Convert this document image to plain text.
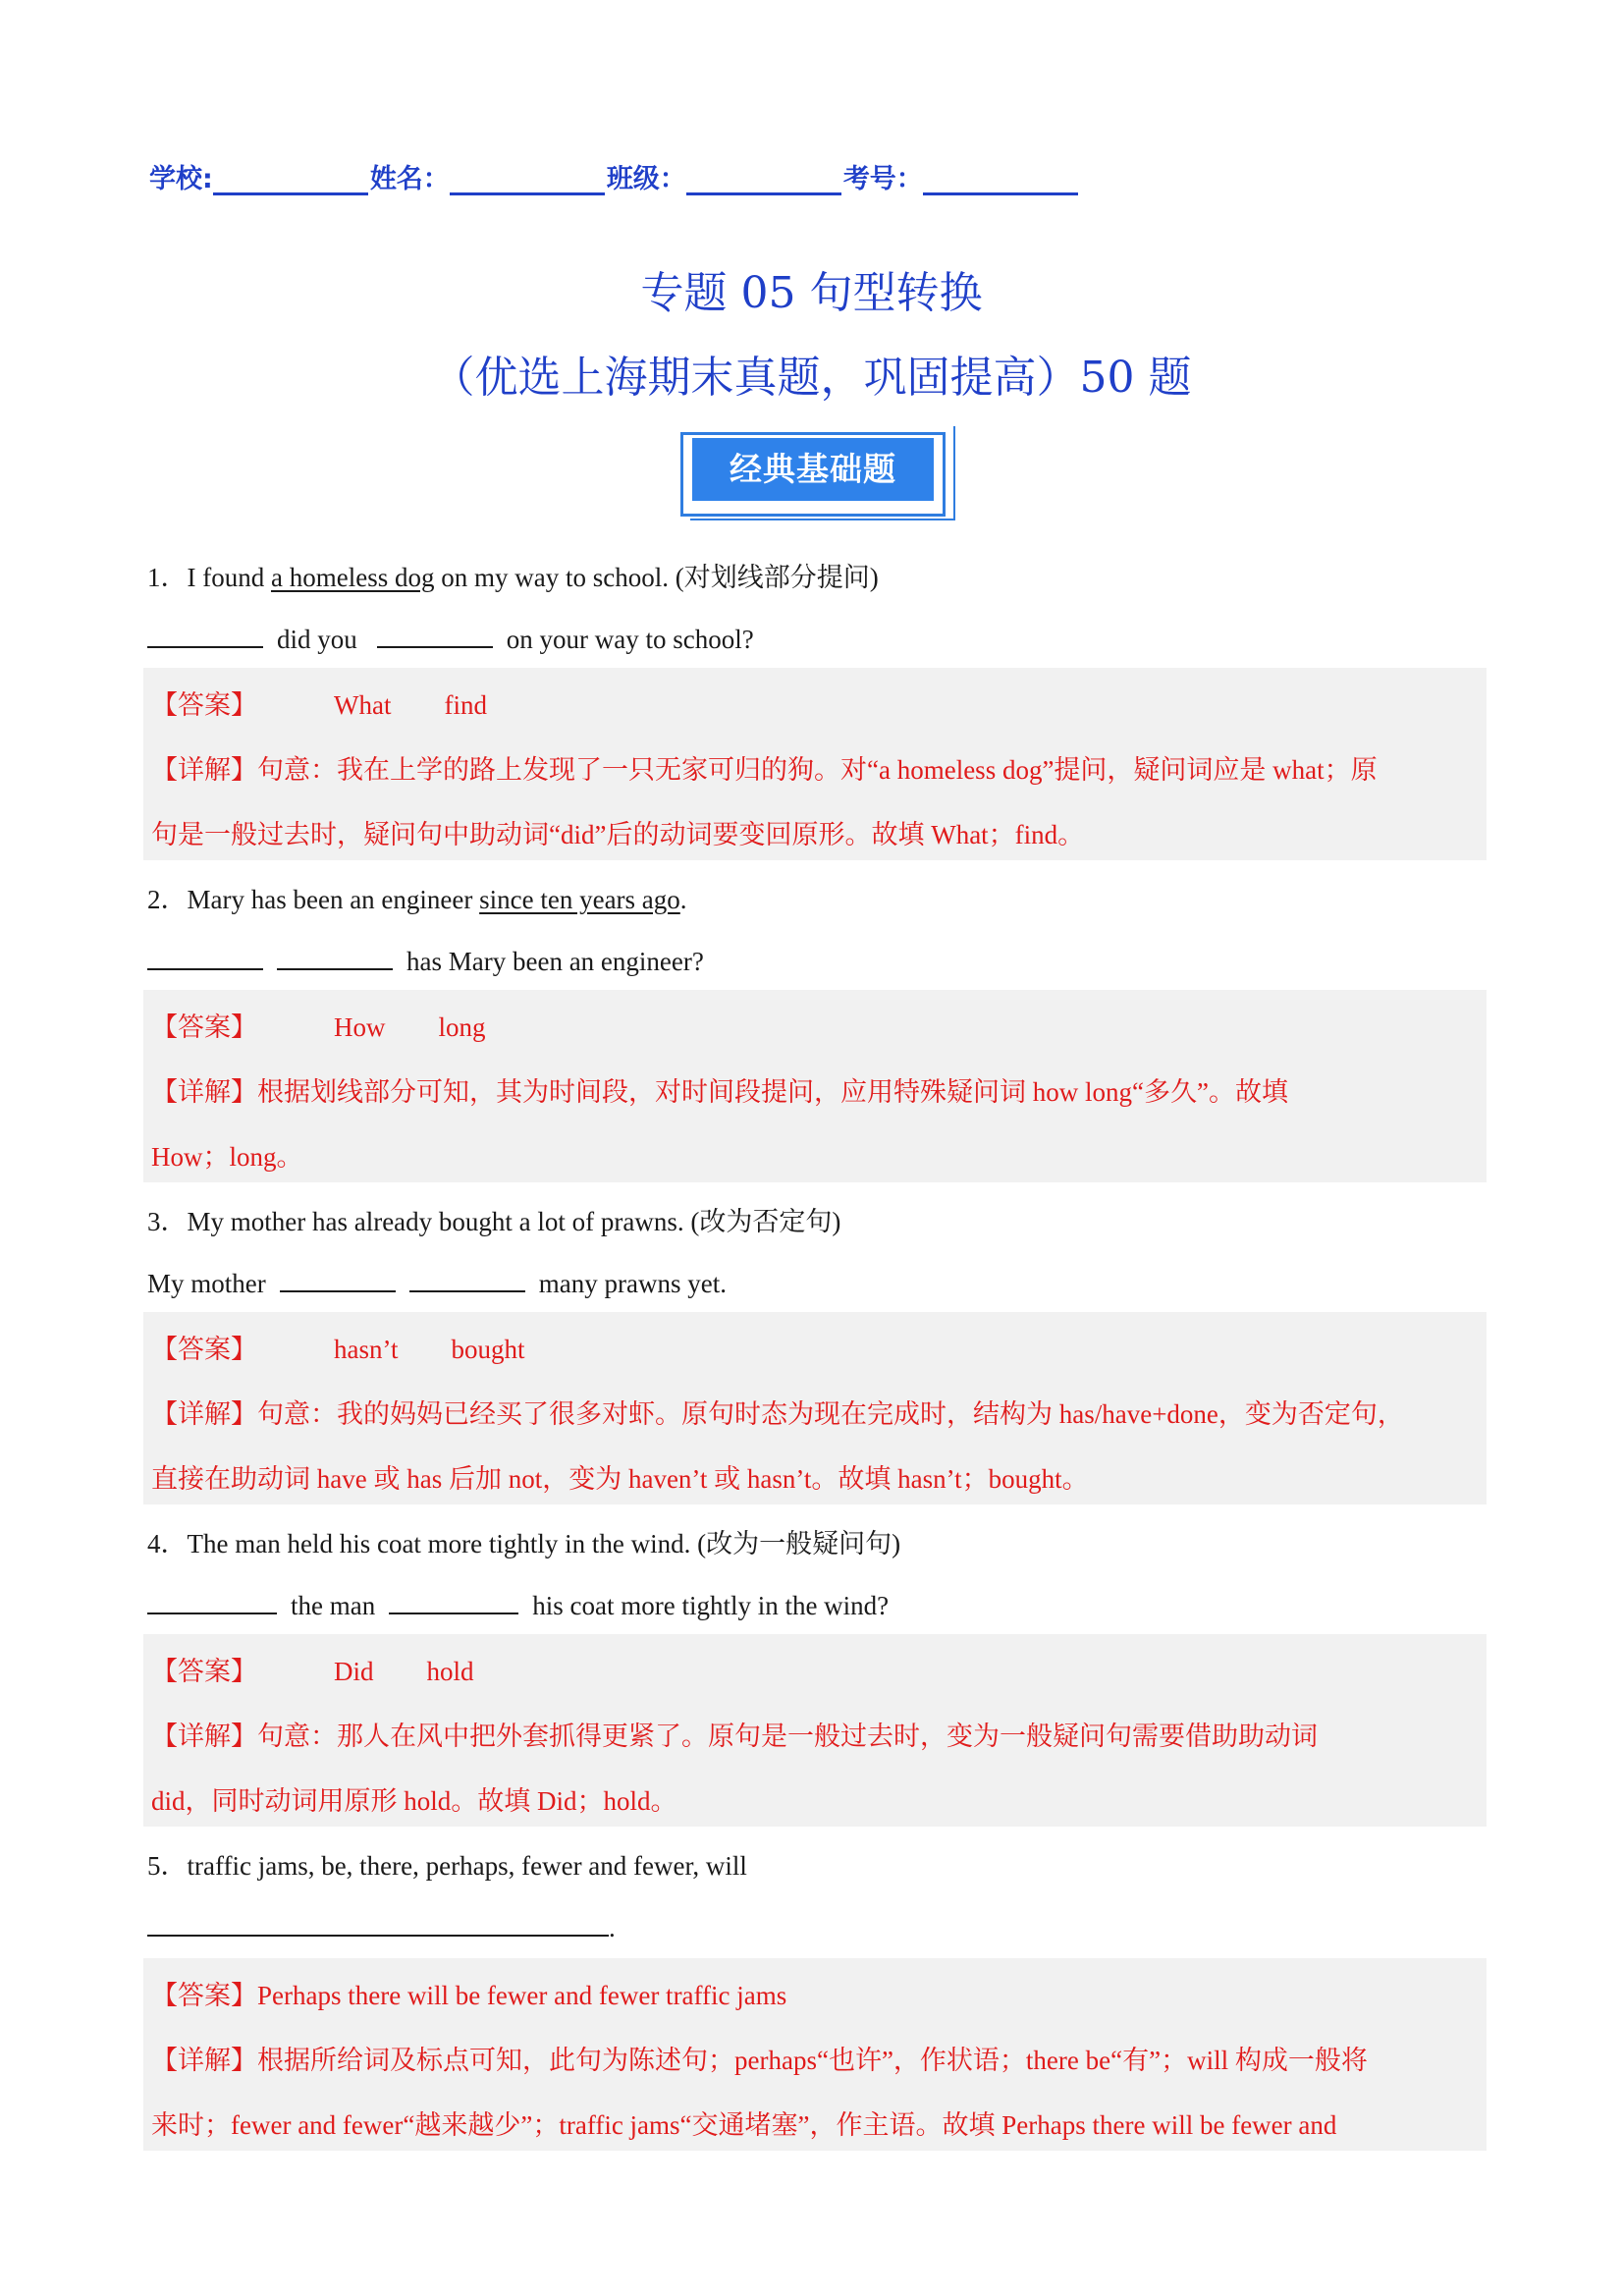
学校:	姓名：	班级：	考号：
专题 05 句型转换
（优选上海期末真题，巩固提高）50 题
经典基础题
1．I found a homeless dog on my way to school. (对划线部分提问)
did you	on your way to school?
【答案】	What find
【详解】句意：我在上学的路上发现了一只无家可归的狗。对“a homeless dog”提问，疑问词应是 what；原
句是一般过去时，疑问句中助动词“did”后的动词要变回原形。故填 What；find。
2．Mary has been an engineer since ten years ago.
has Mary been an engineer?
【答案】	How long
【详解】根据划线部分可知，其为时间段，对时间段提问，应用特殊疑问词 how long“多久”。故填
How；long。
3．My mother has already bought a lot of prawns. (改为否定句)
My mother	many prawns yet.
【答案】	hasn’t bought
【详解】句意：我的妈妈已经买了很多对虾。原句时态为现在完成时，结构为 has/have+done，变为否定句，
直接在助动词 have 或 has 后加 not，变为 haven’t 或 hasn’t。故填 hasn’t；bought。
4．The man held his coat more tightly in the wind. (改为一般疑问句)
the man	his coat more tightly in the wind?
【答案】	Did hold
【详解】句意：那人在风中把外套抓得更紧了。原句是一般过去时，变为一般疑问句需要借助助动词
did，同时动词用原形 hold。故填 Did；hold。
5．traffic jams, be, there, perhaps, fewer and fewer, will
.
【答案】Perhaps there will be fewer and fewer traffic jams
【详解】根据所给词及标点可知，此句为陈述句；perhaps“也许”，作状语；there be“有”；will 构成一般将
来时；fewer and fewer“越来越少”；traffic jams“交通堵塞”，作主语。故填 Perhaps there will be fewer and
